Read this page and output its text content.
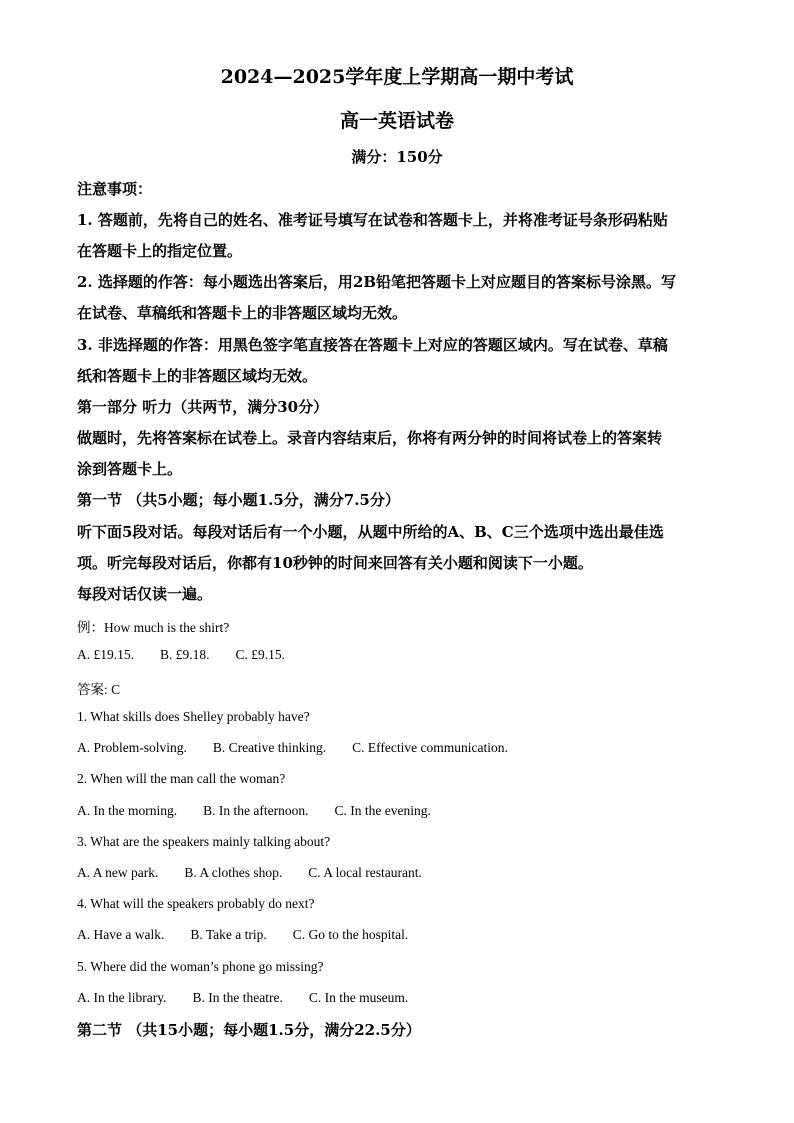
2024—2025学年度上学期高一期中考试
高一英语试卷
满分：150分
注意事项：
1. 答题前，先将自己的姓名、准考证号填写在试卷和答题卡上，并将准考证号条形码粘贴
在答题卡上的指定位置。
2. 选择题的作答：每小题选出答案后，用2B铅笔把答题卡上对应题目的答案标号涂黑。写
在试卷、草稿纸和答题卡上的非答题区域均无效。
3. 非选择题的作答：用黑色签字笔直接答在答题卡上对应的答题区域内。写在试卷、草稿
纸和答题卡上的非答题区域均无效。
第一部分 听力（共两节，满分30分）
做题时，先将答案标在试卷上。录音内容结束后，你将有两分钟的时间将试卷上的答案转
涂到答题卡上。
第一节 （共5小题；每小题1.5分，满分7.5分）
听下面5段对话。每段对话后有一个小题，从题中所给的A、B、C三个选项中选出最佳选
项。听完每段对话后，你都有10秒钟的时间来回答有关小题和阅读下一小题。
每段对话仅读一遍。
例：How much is the shirt?
A. £19.15. B. £9.18. C. £9.15.
答案: C
1. What skills does Shelley probably have?
A. Problem-solving. B. Creative thinking. C. Effective communication.
2. When will the man call the woman?
A. In the morning. B. In the afternoon. C. In the evening.
3. What are the speakers mainly talking about?
A. A new park. B. A clothes shop. C. A local restaurant.
4. What will the speakers probably do next?
A. Have a walk. B. Take a trip. C. Go to the hospital.
5. Where did the woman’s phone go missing?
A. In the library. B. In the theatre. C. In the museum.
第二节 （共15小题；每小题1.5分，满分22.5分）
